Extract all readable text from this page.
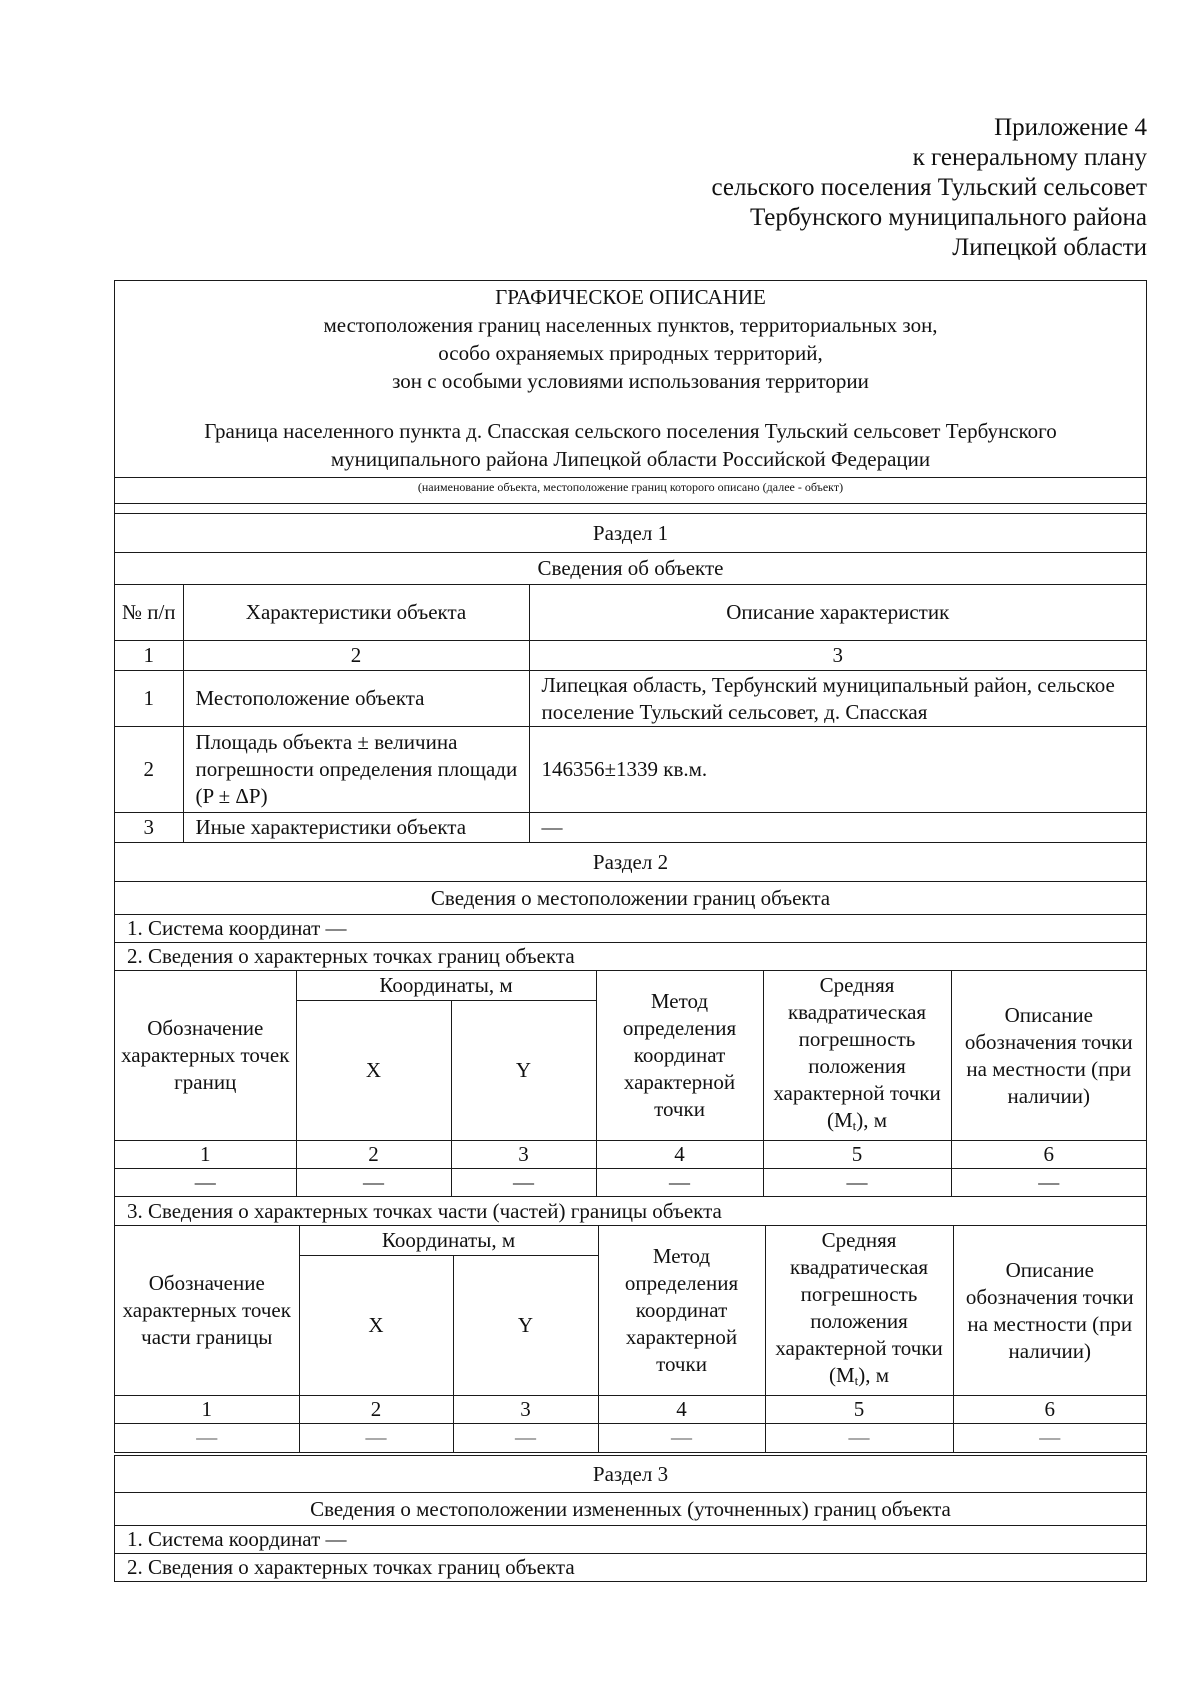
Приложение 4
к генеральному плану
сельского поселения Тульский сельсовет
Тербунского муниципального района
Липецкой области
ГРАФИЧЕСКОЕ ОПИСАНИЕ
местоположения границ населенных пунктов, территориальных зон,
особо охраняемых природных территорий,
зон с особыми условиями использования территории
Граница населенного пункта д. Спасская сельского поселения Тульский сельсовет Тербунского
муниципального района Липецкой области Российской Федерации
(наименование объекта, местоположение границ которого описано (далее - объект)
Раздел 1
Сведения об объекте
№ п/п	Характеристики объекта	Описание характеристик
1	2	3
1	Местоположение объекта	Липецкая область, Тербунский муниципальный район, сельское поселение Тульский сельсовет, д. Спасская
2	Площадь объекта ± величина погрешности определения площади (P ± ΔP)	146356±1339 кв.м.
3	Иные характеристики объекта	—
Раздел 2
Сведения о местоположении границ объекта
1. Система координат —
2. Сведения о характерных точках границ объекта
Обозначение характерных точек границ	Координаты, м		Метод определения координат характерной точки	Средняя квадратическая погрешность положения характерной точки $(M_t)$, м	Описание обозначения точки на местности (при наличии)
	X	Y			
1	2	3	4	5	6
—	—	—	—	—	—
3. Сведения о характерных точках части (частей) границы объекта
Обозначение характерных точек части границы	Координаты, м		Метод определения координат характерной точки	Средняя квадратическая погрешность положения характерной точки $(M_t)$, м	Описание обозначения точки на местности (при наличии)
	X	Y			
1	2	3	4	5	6
—	—	—	—	—	—
Раздел 3
Сведения о местоположении измененных (уточненных) границ объекта
1. Система координат —
2. Сведения о характерных точках границ объекта
